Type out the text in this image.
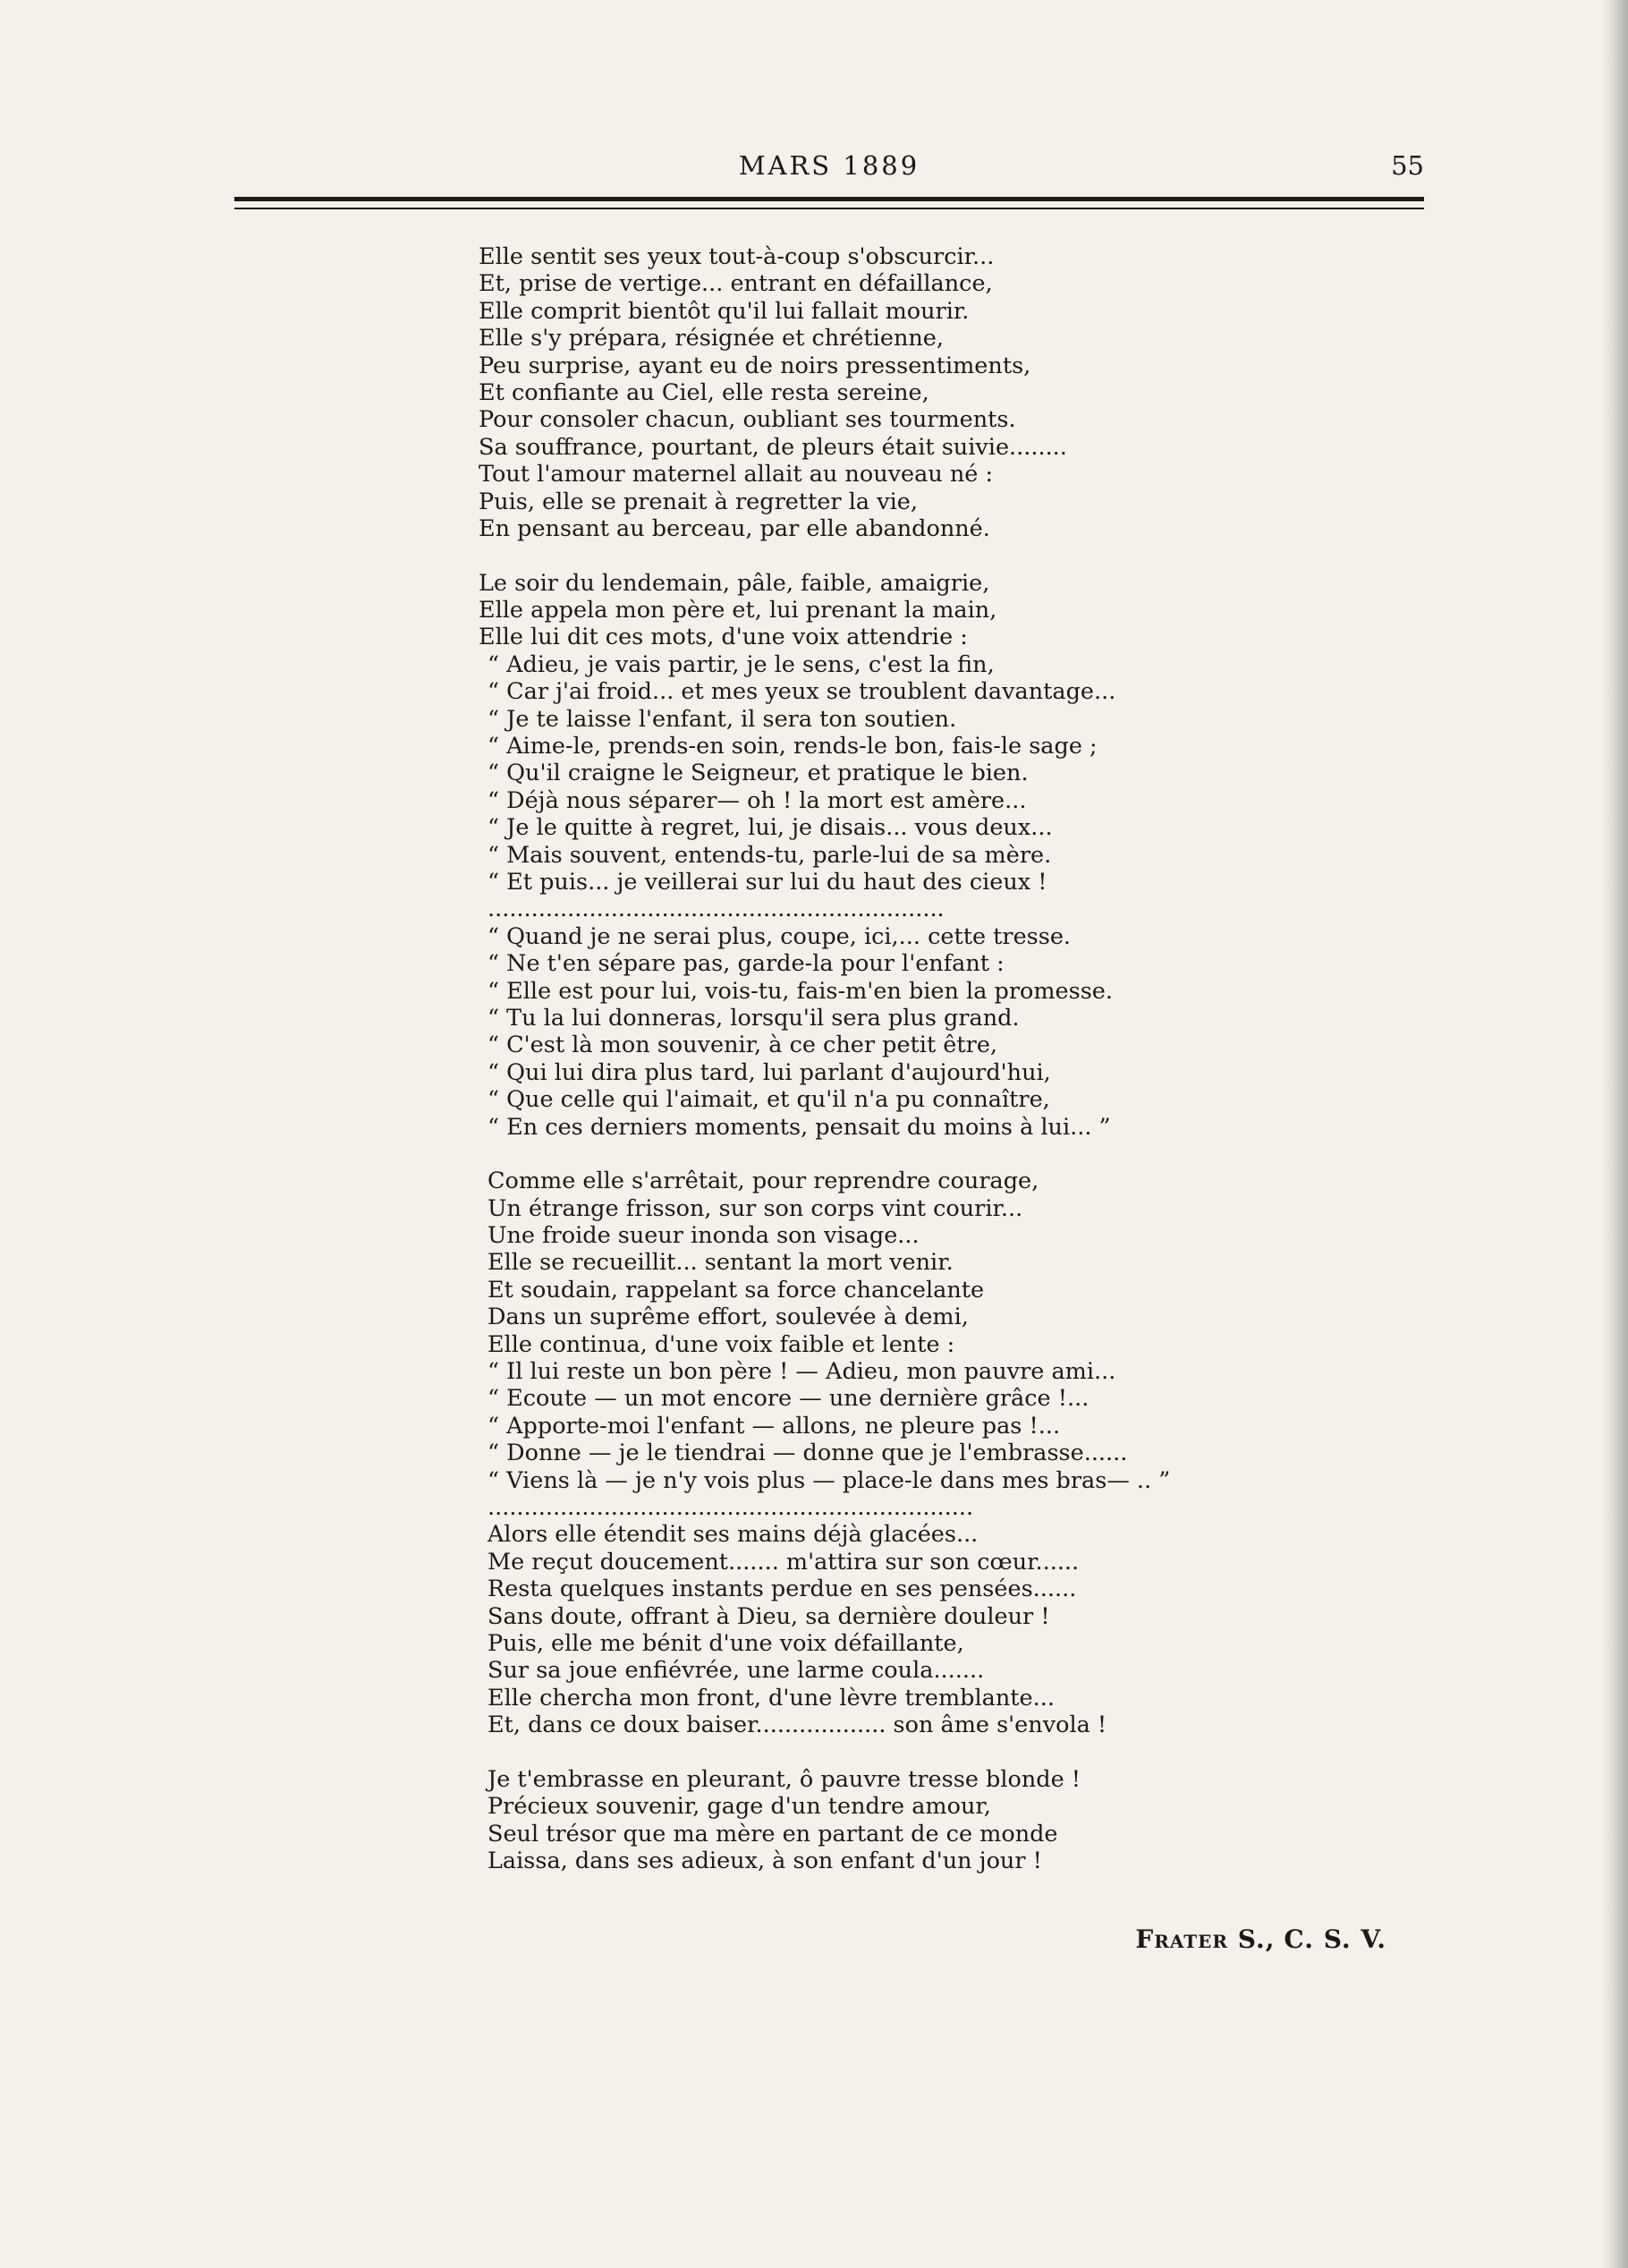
MARS 1889	55
Elle sentit ses yeux tout-à-coup s'obscurcir...
Et, prise de vertige... entrant en défaillance,
Elle comprit bientôt qu'il lui fallait mourir.
Elle s'y prépara, résignée et chrétienne,
Peu surprise, ayant eu de noirs pressentiments,
Et confiante au Ciel, elle resta sereine,
Pour consoler chacun, oubliant ses tourments.
Sa souffrance, pourtant, de pleurs était suivie........
Tout l'amour maternel allait au nouveau né :
Puis, elle se prenait à regretter la vie,
En pensant au berceau, par elle abandonné.
Le soir du lendemain, pâle, faible, amaigrie,
Elle appela mon père et, lui prenant la main,
Elle lui dit ces mots, d'une voix attendrie :
“ Adieu, je vais partir, je le sens, c'est la fin,
“ Car j'ai froid... et mes yeux se troublent davantage...
“ Je te laisse l'enfant, il sera ton soutien.
“ Aime-le, prends-en soin, rends-le bon, fais-le sage ;
“ Qu'il craigne le Seigneur, et pratique le bien.
“ Déjà nous séparer— oh ! la mort est amère...
“ Je le quitte à regret, lui, je disais... vous deux...
“ Mais souvent, entends-tu, parle-lui de sa mère.
“ Et puis... je veillerai sur lui du haut des cieux !
...............................................................
“ Quand je ne serai plus, coupe, ici,... cette tresse.
“ Ne t'en sépare pas, garde-la pour l'enfant :
“ Elle est pour lui, vois-tu, fais-m'en bien la promesse.
“ Tu la lui donneras, lorsqu'il sera plus grand.
“ C'est là mon souvenir, à ce cher petit être,
“ Qui lui dira plus tard, lui parlant d'aujourd'hui,
“ Que celle qui l'aimait, et qu'il n'a pu connaître,
“ En ces derniers moments, pensait du moins à lui... ”
Comme elle s'arrêtait, pour reprendre courage,
Un étrange frisson, sur son corps vint courir...
Une froide sueur inonda son visage...
Elle se recueillit... sentant la mort venir.
Et soudain, rappelant sa force chancelante
Dans un suprême effort, soulevée à demi,
Elle continua, d'une voix faible et lente :
“ Il lui reste un bon père ! — Adieu, mon pauvre ami...
“ Ecoute — un mot encore — une dernière grâce !...
“ Apporte-moi l'enfant — allons, ne pleure pas !...
“ Donne — je le tiendrai — donne que je l'embrasse......
“ Viens là — je n'y vois plus — place-le dans mes bras— .. ”
...................................................................
Alors elle étendit ses mains déjà glacées...
Me reçut doucement....... m'attira sur son cœur......
Resta quelques instants perdue en ses pensées......
Sans doute, offrant à Dieu, sa dernière douleur !
Puis, elle me bénit d'une voix défaillante,
Sur sa joue enfiévrée, une larme coula.......
Elle chercha mon front, d'une lèvre tremblante...
Et, dans ce doux baiser.................. son âme s'envola !
Je t'embrasse en pleurant, ô pauvre tresse blonde !
Précieux souvenir, gage d'un tendre amour,
Seul trésor que ma mère en partant de ce monde
Laissa, dans ses adieux, à son enfant d'un jour !
Frater S., C. S. V.
